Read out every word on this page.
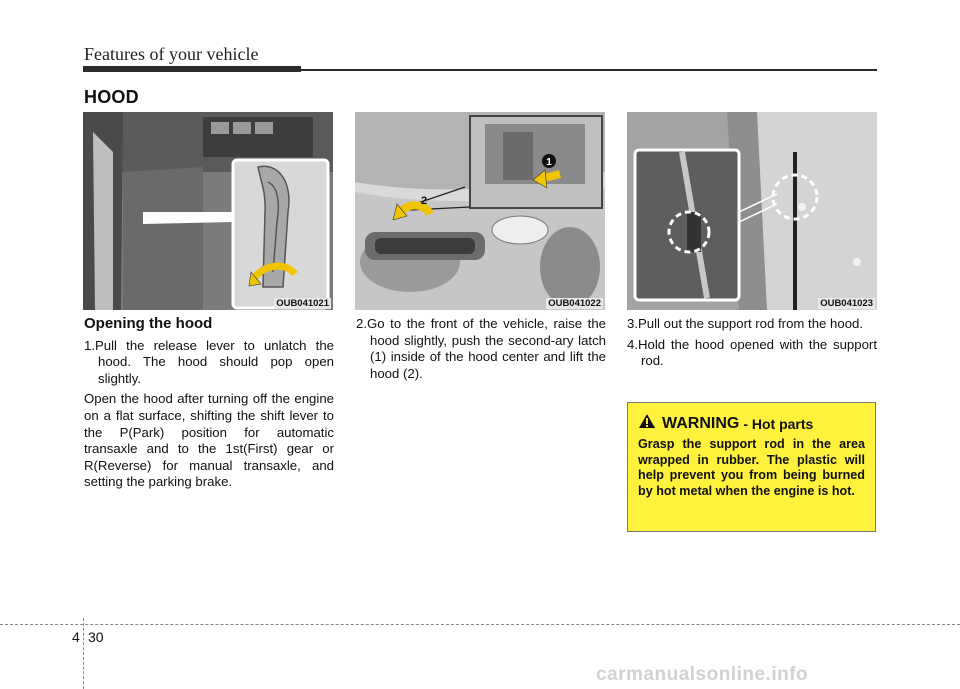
Features of your vehicle
HOOD
OUB041021
1
2
OUB041022	OUB041023
Opening the hood
1.Pull the release lever to unlatch the hood. The hood should pop open slightly.

Open the hood after turning off the engine on a flat surface, shifting the shift lever to the P(Park) position for automatic transaxle and to the 1st(First) gear or R(Reverse) for manual transaxle, and setting the parking brake.

2.Go to the front of the vehicle, raise the hood slightly, push the second-ary latch (1) inside of the hood center and lift the hood (2).
3.Pull out the support rod from the hood.
4.Hold the hood opened with the support rod.
WARNING - Hot parts
Grasp the support rod in the area wrapped in rubber. The plastic will help prevent you from being burned by hot metal when the engine is hot.
4 30
carmanualsonline.info
